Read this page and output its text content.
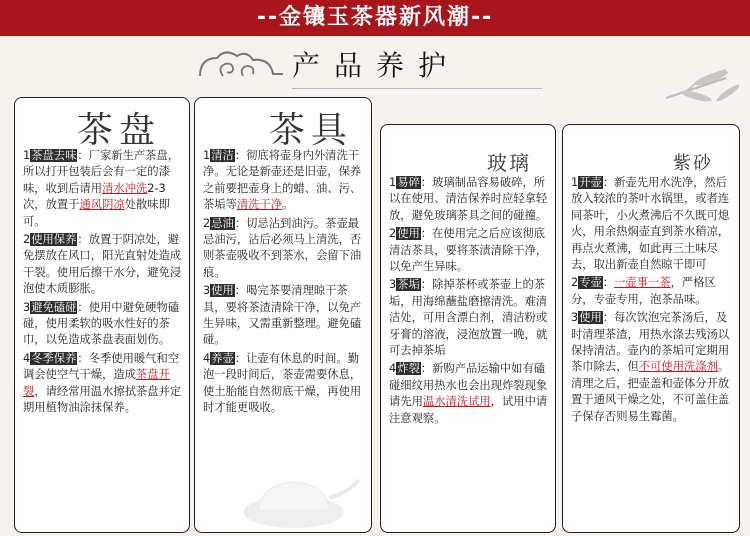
--金镶玉茶器新风潮--
产品养护
茶盘
1茶盘去味：厂家新生产茶盘，所以打开包装后会有一定的漆味，收到后请用清水冲洗2-3次，放置于通风阴凉处散味即可。
2使用保养：放置于阴凉处，避免摆放在风口，阳光直射处造成干裂。使用后擦干水分，避免浸泡使木质膨胀。
3避免磕碰：使用中避免硬物磕碰，使用柔软的吸水性好的茶巾，以免造成茶盘表面划伤。
4冬季保养：冬季使用暖气和空调会使空气干燥，造成茶盘开裂，请经常用温水擦拭茶盘并定期用植物油涂抹保养。
茶具
1清洁：彻底将壶身内外清洗干净。无论是新壶还是旧壶，保养之前要把壶身上的蜡、油、污、茶垢等清洗干净。
2忌油：切忌沾到油污。茶壶最忌油污，沾后必须马上清洗，否则茶壶吸收不到茶水，会留下油痕。
3使用：喝完茶要清理晾干茶具，要将茶渣清除干净，以免产生异味，又需重新整理。避免磕碰。
4养壶：让壶有休息的时间。勤泡一段时间后，茶壶需要休息，使土胎能自然彻底干燥，再使用时才能更吸收。
玻璃
1易碎：玻璃制品容易破碎，所以在使用、清洁保养时应轻拿轻放，避免玻璃茶具之间的碰撞。
2使用：在使用完之后应该彻底清洁茶具，要将茶渍清除干净，以免产生异味。
3茶垢：除掉茶杯或茶壶上的茶垢，用海绵蘸盐磨擦清洗。难清洁处，可用含漂白剂，清洁粉或牙膏的溶液，浸泡放置一晚，就可去掉茶垢
4炸裂：新购产品运输中如有磕碰细纹用热水也会出现炸裂现象请先用温水清洗试用，试用中请注意观察。
紫砂
1开壶：新壶先用水洗净，然后放入较浓的茶叶水锅里，或者连同茶叶，小火煮沸后不久既可熄火，用余热焖壶直到茶水稍凉，再点火煮沸，如此再三土味尽去，取出新壶自然晾干即可
2专壶：一壶事一茶，严格区分，专壶专用，泡茶品味。
3使用：每次饮泡完茶汤后，及时清理茶渣，用热水涤去残汤以保持清洁。壶内的茶垢可定期用茶巾除去，但不可使用洗涤剂。清理之后，把壶盖和壶体分开放置于通风干燥之处，不可盖住盖子保存否则易生霉菌。
